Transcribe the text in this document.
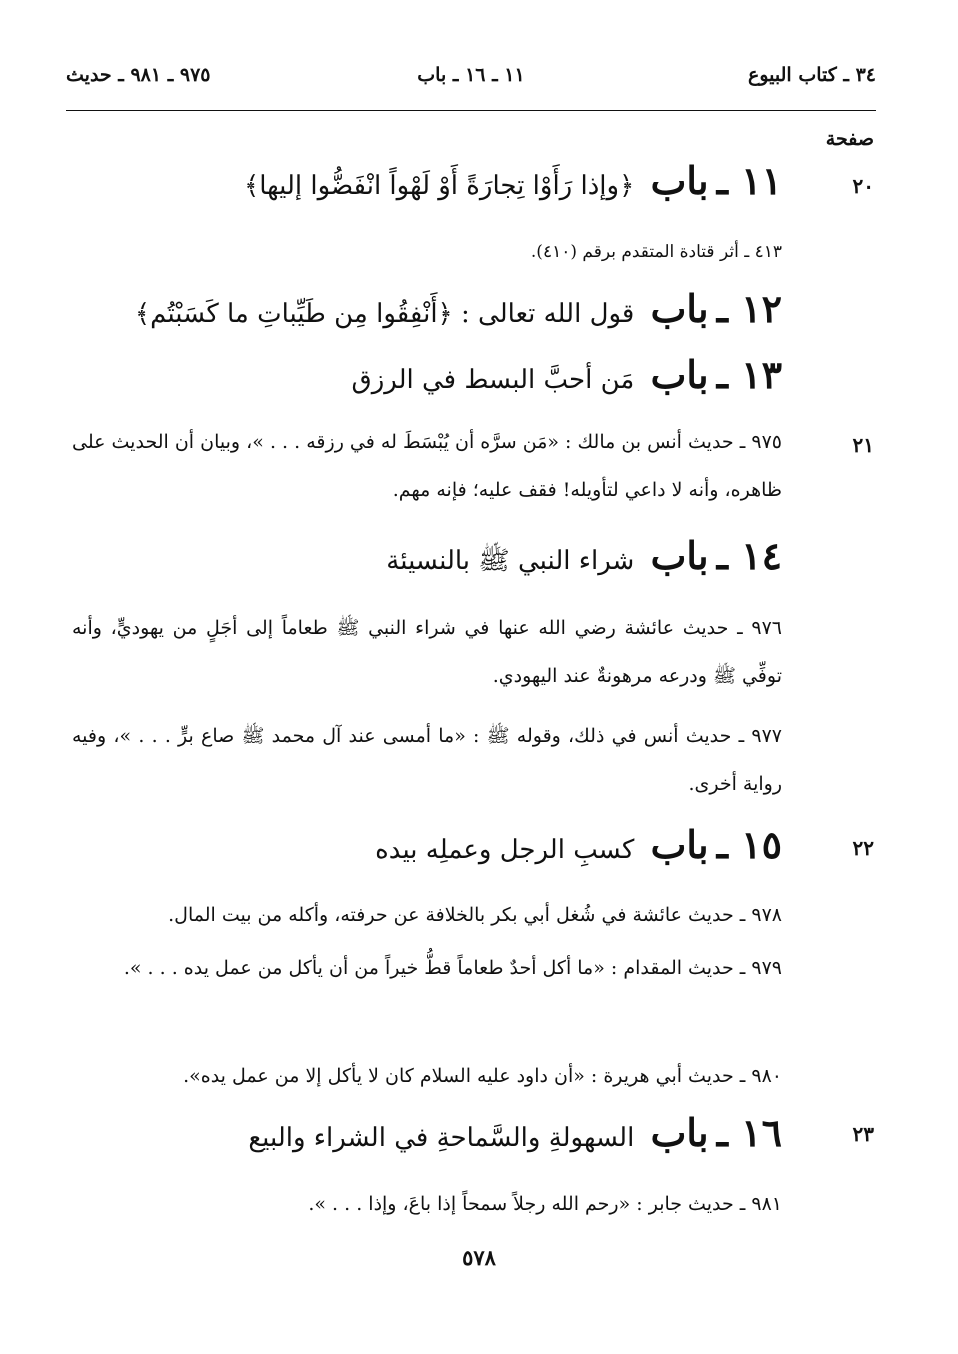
٣٤ ـ كتاب البيوع
١١ ـ ١٦ ـ باب
٩٧٥ ـ ٩٨١ ـ حديث
صفحة
٢٠
٢١
٢٢
٢٣
١١ ـ باب ﴿وإذا رَأَوْا تِجارَةً أَوْ لَهْواً انْفَضُّوا إليها﴾
٤١٣ ـ أثر قتادة المتقدم برقم (٤١٠).
١٢ ـ باب قول الله تعالى : ﴿أَنْفِقُوا مِن طَيِّباتِ ما كَسَبْتُم﴾
١٣ ـ باب مَن أحبَّ البسط في الرزق
٩٧٥ ـ حديث أنس بن مالك : «مَن سرَّه أن يُبْسَطَ له في رزقه . . . »، وبيان أن الحديث على ظاهره، وأنه لا داعي لتأويله! فقف عليه؛ فإنه مهم.
١٤ ـ باب شراء النبي ﷺ بالنسيئة
٩٧٦ ـ حديث عائشة رضي الله عنها في شراء النبي ﷺ طعاماً إلى أجَلٍ من يهوديٍّ، وأنه توفِّي ﷺ ودرعه مرهونةٌ عند اليهودي.
٩٧٧ ـ حديث أنس في ذلك، وقوله ﷺ : «ما أمسى عند آل محمد ﷺ صاع برٍّ . . . »، وفيه رواية أخرى.
١٥ ـ باب كسبِ الرجل وعملِه بيده
٩٧٨ ـ حديث عائشة في شُغل أبي بكر بالخلافة عن حرفته، وأكله من بيت المال.
٩٧٩ ـ حديث المقدام : «ما أكل أحدٌ طعاماً قطُّ خيراً من أن يأكل من عمل يده . . . ».
٩٨٠ ـ حديث أبي هريرة : «أن داود عليه السلام كان لا يأكل إلا من عمل يده».
١٦ ـ باب السهولةِ والسَّماحةِ في الشراء والبيع
٩٨١ ـ حديث جابر : «رحم الله رجلاً سمحاً إذا باعَ، وإذا . . . ».
٥٧٨
